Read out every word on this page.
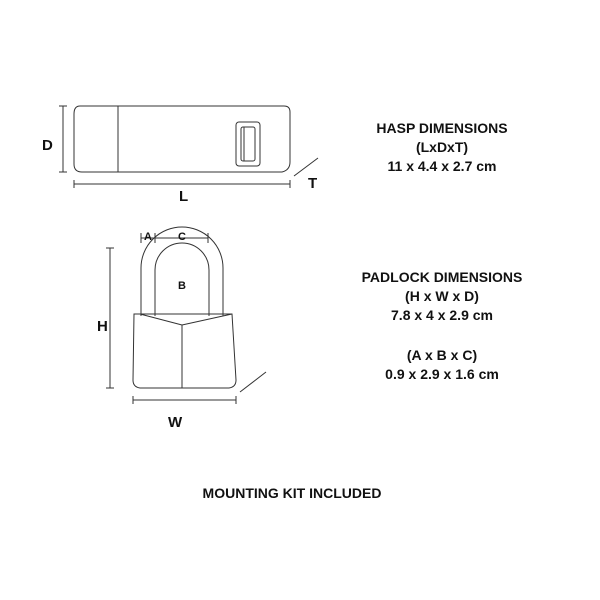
D
L
T
A C
B
H
W
HASP DIMENSIONS
(LxDxT)
11 x 4.4 x 2.7 cm
PADLOCK DIMENSIONS
(H x W x D)
7.8 x 4 x 2.9 cm
(A x B x C)
0.9 x 2.9 x 1.6 cm
MOUNTING KIT INCLUDED
